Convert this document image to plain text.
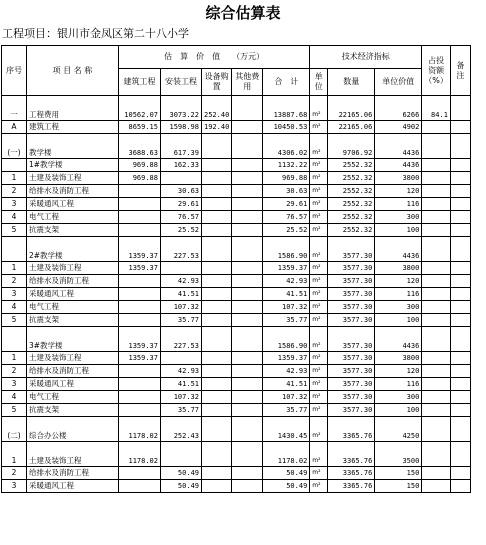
综合估算表
工程项目：银川市金凤区第二十八小学
序号	项 目 名 称	估　算　价　值　　（万元）					技术经济指标			占投资额（%）	备注
		建筑工程	安装工程	设备购置	其他费用	合　计	单位	数量	单位价值		
一	工程费用	10562.07	3073.22	252.40		13887.68	m²	22165.06	6266	84.1	
A	建筑工程	8659.15	1598.98	192.40		10450.53	m²	22165.06	4902		
(一)	教学楼	3688.63	617.39			4306.02	m²	9706.92	4436		
	1#教学楼	969.88	162.33			1132.22	m²	2552.32	4436		
1	土建及装饰工程	969.88				969.88	m²	2552.32	3800		
2	给排水及消防工程		30.63			30.63	m²	2552.32	120		
3	采暖通风工程		29.61			29.61	m²	2552.32	116		
4	电气工程		76.57			76.57	m²	2552.32	300		
5	抗震支架		25.52			25.52	m²	2552.32	100		
	2#教学楼	1359.37	227.53			1586.90	m²	3577.30	4436		
1	土建及装饰工程	1359.37				1359.37	m²	3577.30	3800		
2	给排水及消防工程		42.93			42.93	m²	3577.30	120		
3	采暖通风工程		41.51			41.51	m²	3577.30	116		
4	电气工程		107.32			107.32	m²	3577.30	300		
5	抗震支架		35.77			35.77	m²	3577.30	100		
	3#教学楼	1359.37	227.53			1586.90	m²	3577.30	4436		
1	土建及装饰工程	1359.37				1359.37	m²	3577.30	3800		
2	给排水及消防工程		42.93			42.93	m²	3577.30	120		
3	采暖通风工程		41.51			41.51	m²	3577.30	116		
4	电气工程		107.32			107.32	m²	3577.30	300		
5	抗震支架		35.77			35.77	m²	3577.30	100		
(二)	综合办公楼	1178.02	252.43			1430.45	m²	3365.76	4250		
1	土建及装饰工程	1178.02				1178.02	m²	3365.76	3500		
2	给排水及消防工程		50.49			50.49	m²	3365.76	150		
3	采暖通风工程		50.49			50.49	m²	3365.76	150		
